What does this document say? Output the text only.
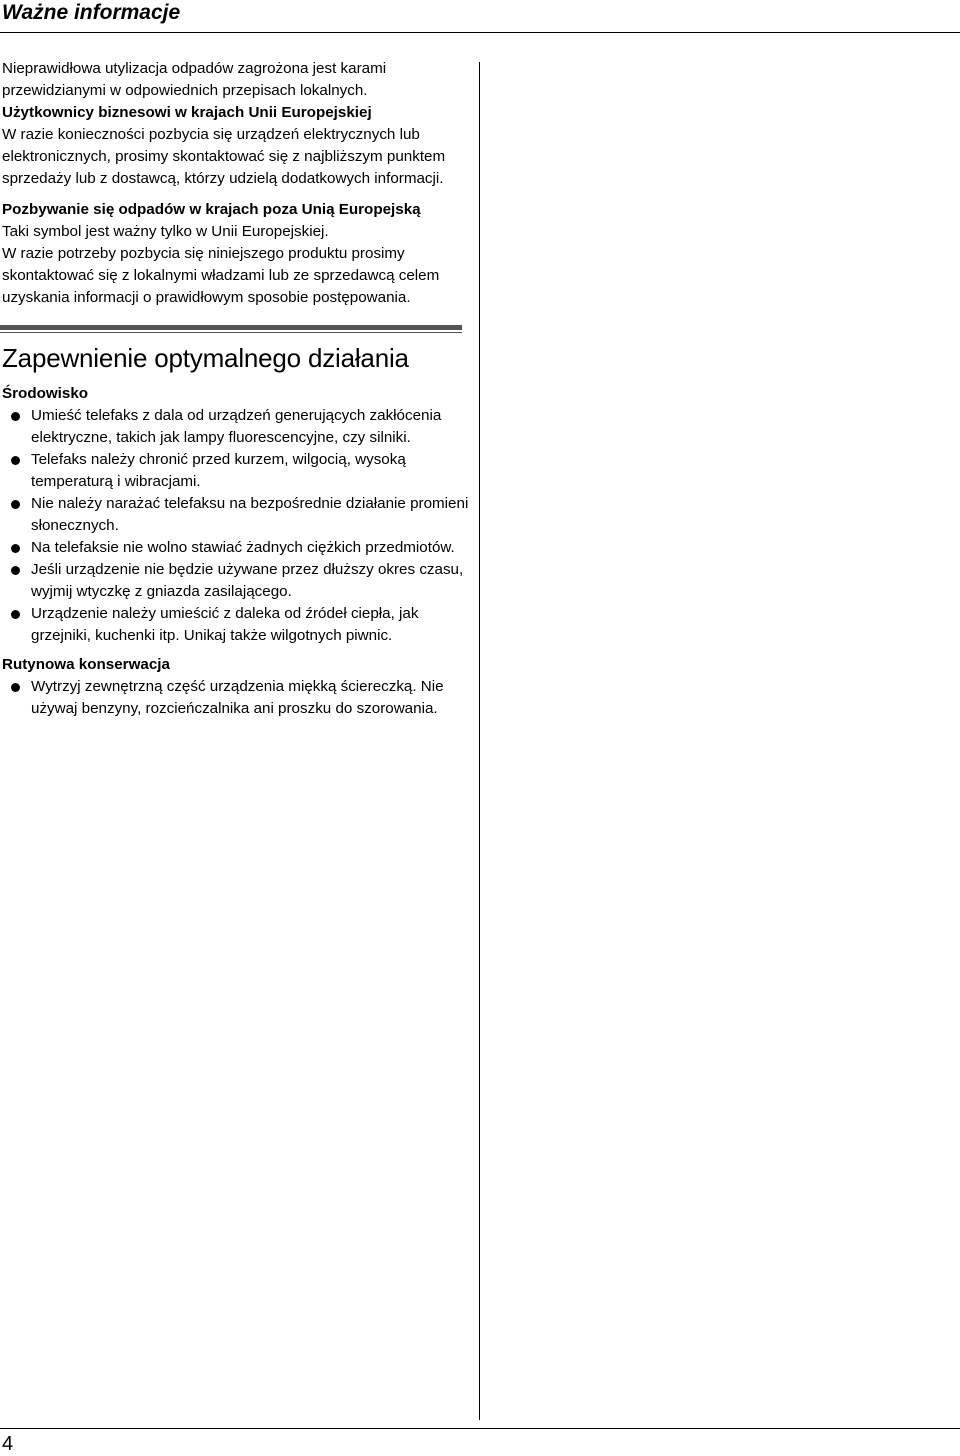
Ważne informacje

Nieprawidłowa utylizacja odpadów zagrożona jest karami przewidzianymi w odpowiednich przepisach lokalnych.

Użytkownicy biznesowi w krajach Unii Europejskiej

W razie konieczności pozbycia się urządzeń elektrycznych lub elektronicznych, prosimy skontaktować się z najbliższym punktem sprzedaży lub z dostawcą, którzy udzielą dodatkowych informacji.

Pozbywanie się odpadów w krajach poza Unią Europejską

Taki symbol jest ważny tylko w Unii Europejskiej.

W razie potrzeby pozbycia się niniejszego produktu prosimy skontaktować się z lokalnymi władzami lub ze sprzedawcą celem uzyskania informacji o prawidłowym sposobie postępowania.

Zapewnienie optymalnego działania

Środowisko

Umieść telefaks z dala od urządzeń generujących zakłócenia elektryczne, takich jak lampy fluorescencyjne, czy silniki.
Telefaks należy chronić przed kurzem, wilgocią, wysoką temperaturą i wibracjami.
Nie należy narażać telefaksu na bezpośrednie działanie promieni słonecznych.
Na telefaksie nie wolno stawiać żadnych ciężkich przedmiotów.
Jeśli urządzenie nie będzie używane przez dłuższy okres czasu, wyjmij wtyczkę z gniazda zasilającego.
Urządzenie należy umieścić z daleka od źródeł ciepła, jak grzejniki, kuchenki itp. Unikaj także wilgotnych piwnic.

Rutynowa konserwacja

Wytrzyj zewnętrzną część urządzenia miękką ściereczką. Nie używaj benzyny, rozcieńczalnika ani proszku do szorowania.
4
